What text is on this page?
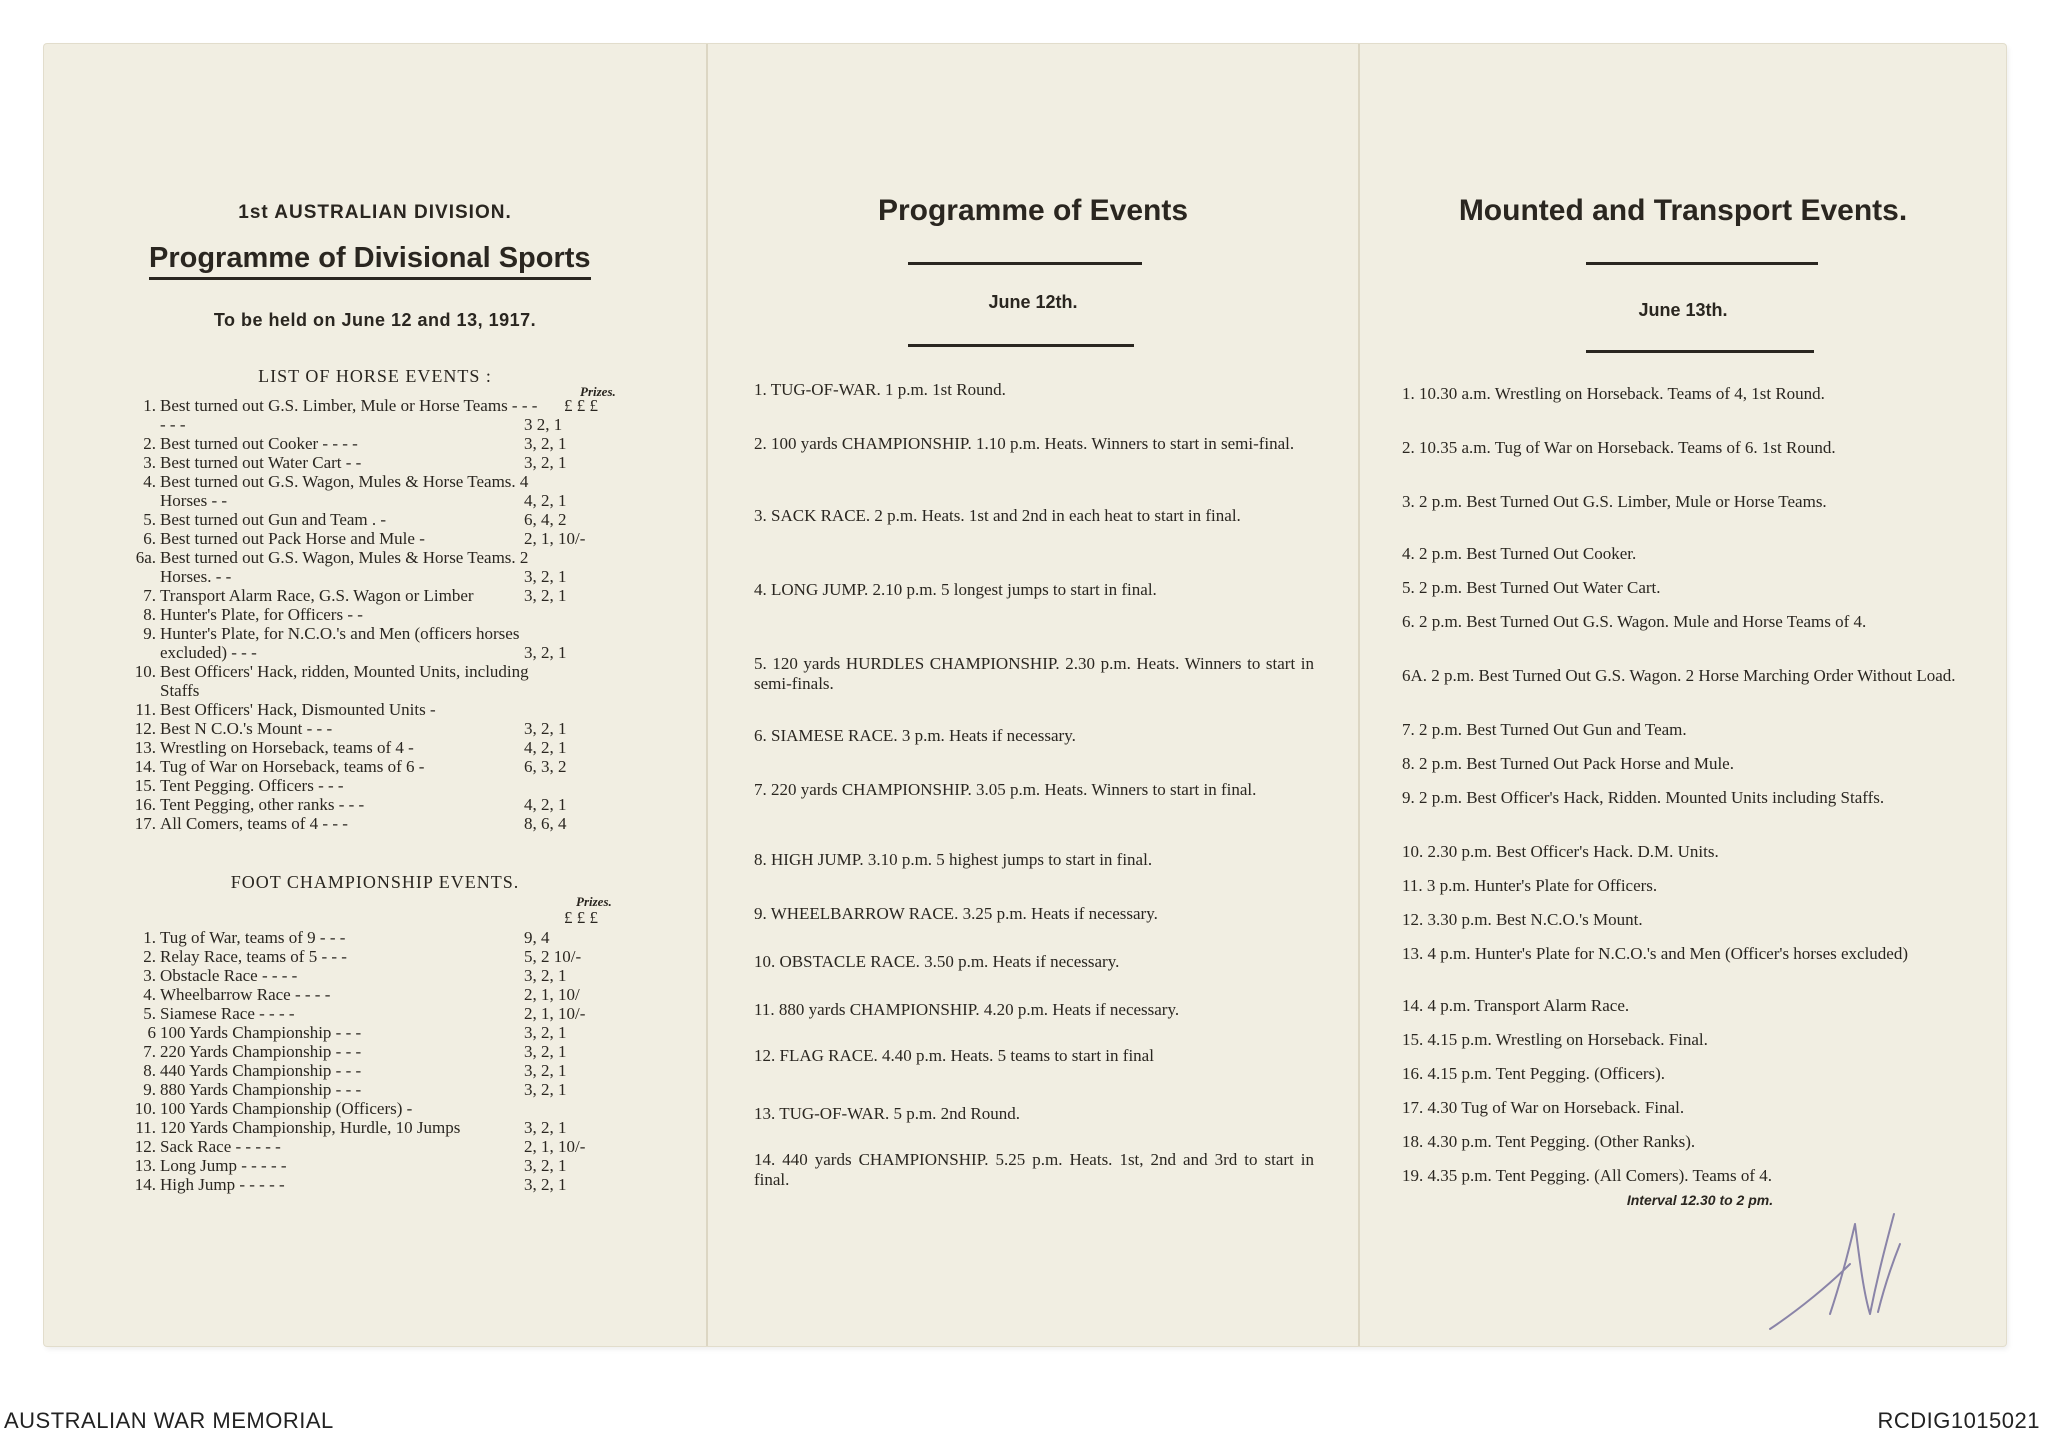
1st AUSTRALIAN DIVISION.
Programme of Divisional Sports
To be held on June 12 and 13, 1917.
LIST OF HORSE EVENTS :
Prizes.
£ £ £
1. Best turned out G.S. Limber, Mule or Horse Teams - - - - - -	3 2, 1
2. Best turned out Cooker - - - -	3, 2, 1
3. Best turned out Water Cart - -	3, 2, 1
4. Best turned out G.S. Wagon, Mules & Horse Teams. 4 Horses - -	4, 2, 1
5. Best turned out Gun and Team . -	6, 4, 2
6. Best turned out Pack Horse and Mule -	2, 1, 10/-
6a. Best turned out G.S. Wagon, Mules & Horse Teams. 2 Horses. - -	3, 2, 1
7. Transport Alarm Race, G.S. Wagon or Limber	3, 2, 1
8. Hunter's Plate, for Officers - -
9. Hunter's Plate, for N.C.O.'s and Men (officers horses excluded) - - -	3, 2, 1
10. Best Officers' Hack, ridden, Mounted Units, including Staffs
11. Best Officers' Hack, Dismounted Units -
12. Best N C.O.'s Mount - - -	3, 2, 1
13. Wrestling on Horseback, teams of 4 -	4, 2, 1
14. Tug of War on Horseback, teams of 6 -	6, 3, 2
15. Tent Pegging. Officers - - -
16. Tent Pegging, other ranks - - -	4, 2, 1
17. All Comers, teams of 4 - - -	8, 6, 4
FOOT CHAMPIONSHIP EVENTS.
Prizes.
£ £ £
1. Tug of War, teams of 9 - - -	9, 4
2. Relay Race, teams of 5 - - -	5, 2 10/-
3. Obstacle Race - - - -	3, 2, 1
4. Wheelbarrow Race - - - -	2, 1, 10/
5. Siamese Race - - - -	2, 1, 10/-
6 100 Yards Championship - - -	3, 2, 1
7. 220 Yards Championship - - -	3, 2, 1
8. 440 Yards Championship - - -	3, 2, 1
9. 880 Yards Championship - - -	3, 2, 1
10. 100 Yards Championship (Officers) -
11. 120 Yards Championship, Hurdle, 10 Jumps	3, 2, 1
12. Sack Race - - - - -	2, 1, 10/-
13. Long Jump - - - - -	3, 2, 1
14. High Jump - - - - -	3, 2, 1
Programme of Events
June 12th.
1. TUG-OF-WAR. 1 p.m. 1st Round.
2. 100 yards CHAMPIONSHIP. 1.10 p.m. Heats. Winners to start in semi-final.
3. SACK RACE. 2 p.m. Heats. 1st and 2nd in each heat to start in final.
4. LONG JUMP. 2.10 p.m. 5 longest jumps to start in final.
5. 120 yards HURDLES CHAMPIONSHIP. 2.30 p.m. Heats. Winners to start in semi-finals.
6. SIAMESE RACE. 3 p.m. Heats if necessary.
7. 220 yards CHAMPIONSHIP. 3.05 p.m. Heats. Winners to start in final.
8. HIGH JUMP. 3.10 p.m. 5 highest jumps to start in final.
9. WHEELBARROW RACE. 3.25 p.m. Heats if necessary.
10. OBSTACLE RACE. 3.50 p.m. Heats if necessary.
11. 880 yards CHAMPIONSHIP. 4.20 p.m. Heats if necessary.
12. FLAG RACE. 4.40 p.m. Heats. 5 teams to start in final
13. TUG-OF-WAR. 5 p.m. 2nd Round.
14. 440 yards CHAMPIONSHIP. 5.25 p.m. Heats. 1st, 2nd and 3rd to start in final.
Mounted and Transport Events.
June 13th.
1. 10.30 a.m. Wrestling on Horseback. Teams of 4, 1st Round.
2. 10.35 a.m. Tug of War on Horseback. Teams of 6. 1st Round.
3. 2 p.m. Best Turned Out G.S. Limber, Mule or Horse Teams.
4. 2 p.m. Best Turned Out Cooker.
5. 2 p.m. Best Turned Out Water Cart.
6. 2 p.m. Best Turned Out G.S. Wagon. Mule and Horse Teams of 4.
6A. 2 p.m. Best Turned Out G.S. Wagon. 2 Horse Marching Order Without Load.
7. 2 p.m. Best Turned Out Gun and Team.
8. 2 p.m. Best Turned Out Pack Horse and Mule.
9. 2 p.m. Best Officer's Hack, Ridden. Mounted Units including Staffs.
10. 2.30 p.m. Best Officer's Hack. D.M. Units.
11. 3 p.m. Hunter's Plate for Officers.
12. 3.30 p.m. Best N.C.O.'s Mount.
13. 4 p.m. Hunter's Plate for N.C.O.'s and Men (Officer's horses excluded)
14. 4 p.m. Transport Alarm Race.
15. 4.15 p.m. Wrestling on Horseback. Final.
16. 4.15 p.m. Tent Pegging. (Officers).
17. 4.30 Tug of War on Horseback. Final.
18. 4.30 p.m. Tent Pegging. (Other Ranks).
19. 4.35 p.m. Tent Pegging. (All Comers). Teams of 4.
Interval 12.30 to 2 pm.
AUSTRALIAN WAR MEMORIAL	RCDIG1015021
